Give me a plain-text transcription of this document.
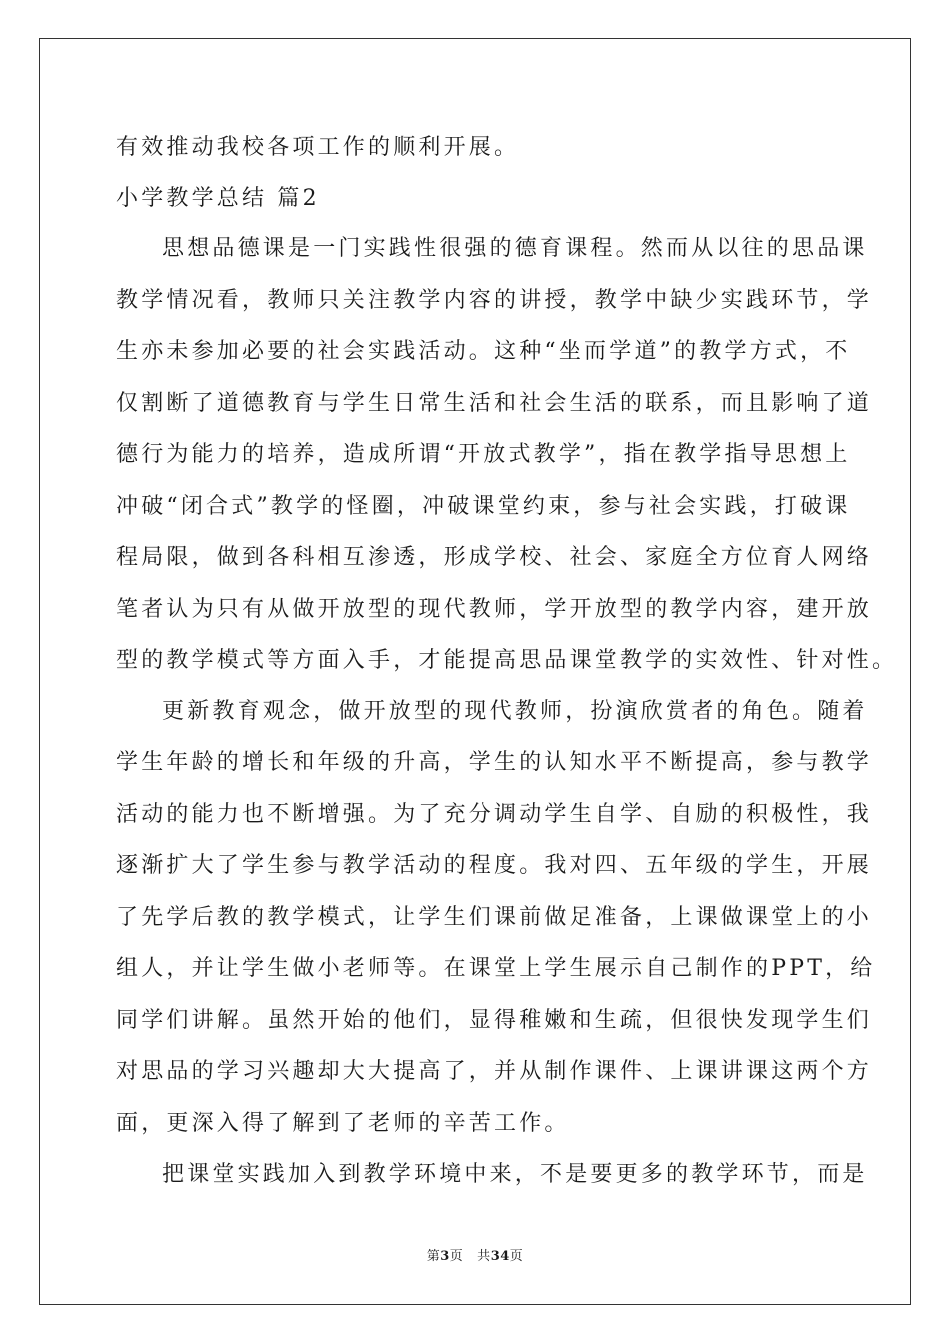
有效推动我校各项工作的顺利开展。
小学教学总结 篇2
思想品德课是一门实践性很强的德育课程。然而从以往的思品课
教学情况看，教师只关注教学内容的讲授，教学中缺少实践环节，学
生亦未参加必要的社会实践活动。这种“坐而学道”的教学方式，不
仅割断了道德教育与学生日常生活和社会生活的联系，而且影响了道
德行为能力的培养，造成所谓“开放式教学”，指在教学指导思想上
冲破“闭合式”教学的怪圈，冲破课堂约束，参与社会实践，打破课
程局限，做到各科相互渗透，形成学校、社会、家庭全方位育人网络
笔者认为只有从做开放型的现代教师，学开放型的教学内容，建开放
型的教学模式等方面入手，才能提高思品课堂教学的实效性、针对性。
更新教育观念，做开放型的现代教师，扮演欣赏者的角色。随着
学生年龄的增长和年级的升高，学生的认知水平不断提高，参与教学
活动的能力也不断增强。为了充分调动学生自学、自励的积极性，我
逐渐扩大了学生参与教学活动的程度。我对四、五年级的学生，开展
了先学后教的教学模式，让学生们课前做足准备，上课做课堂上的小
组人，并让学生做小老师等。在课堂上学生展示自己制作的PPT，给
同学们讲解。虽然开始的他们，显得稚嫩和生疏，但很快发现学生们
对思品的学习兴趣却大大提高了，并从制作课件、上课讲课这两个方
面，更深入得了解到了老师的辛苦工作。
把课堂实践加入到教学环境中来，不是要更多的教学环节，而是
第3页 共34页
